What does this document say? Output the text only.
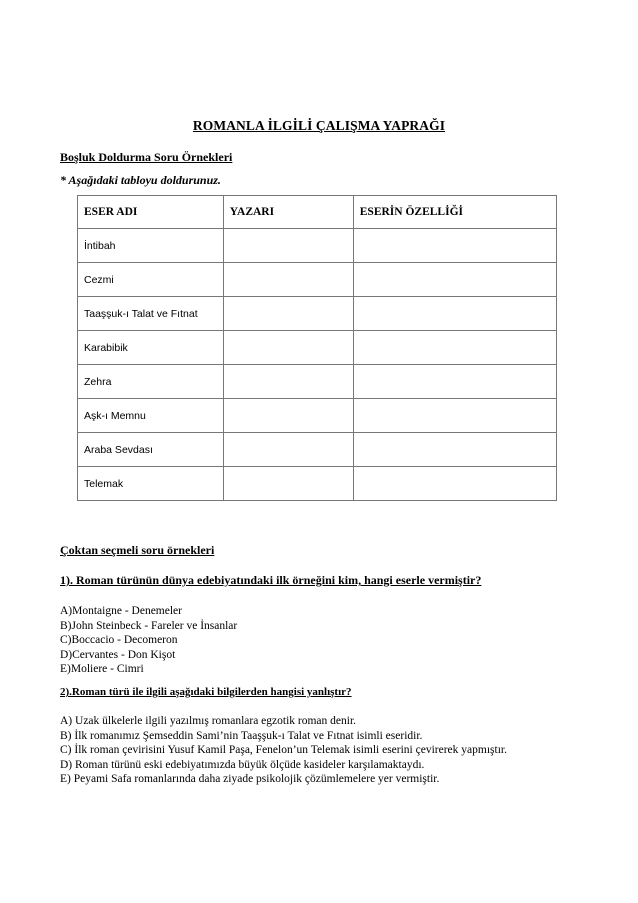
ROMANLA İLGİLİ ÇALIŞMA YAPRAĞI
Boşluk Doldurma Soru Örnekleri
* Aşağıdaki tabloyu doldurunuz.
ESER ADI	YAZARI	ESERİN ÖZELLİĞİ
İntibah		
Cezmi		
Taaşşuk-ı Talat ve Fıtnat		
Karabibik		
Zehra		
Aşk-ı Memnu		
Araba Sevdası		
Telemak		
Çoktan seçmeli soru örnekleri
1). Roman türünün dünya edebiyatındaki ilk örneğini kim, hangi eserle vermiştir?
A)Montaigne - Denemeler
B)John Steinbeck - Fareler ve İnsanlar
C)Boccacio - Decomeron
D)Cervantes - Don Kişot
E)Moliere - Cimri
2).Roman türü ile ilgili aşağıdaki bilgilerden hangisi yanlıştır?
A) Uzak ülkelerle ilgili yazılmış romanlara egzotik roman denir.
B) İlk romanımız Şemseddin Sami’nin Taaşşuk-ı Talat ve Fıtnat isimli eseridir.
C) İlk roman çevirisini Yusuf Kamil Paşa, Fenelon’un Telemak isimli eserini çevirerek yapmıştır.
D) Roman türünü eski edebiyatımızda büyük ölçüde kasideler karşılamaktaydı.
E) Peyami Safa romanlarında daha ziyade psikolojik çözümlemelere yer vermiştir.
